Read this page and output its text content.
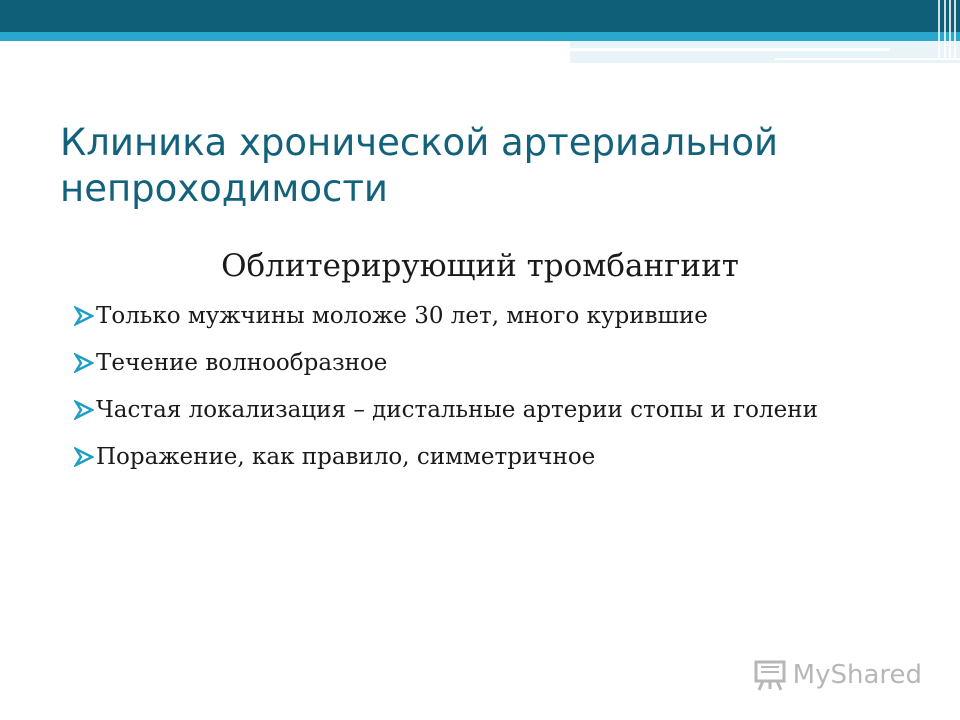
Клиника хронической артериальной непроходимости

Облитерирующий тромбангиит

Только мужчины моложе 30 лет, много курившие
Течение волнообразное
Частая локализация – дистальные артерии стопы и голени
Поражение, как правило, симметричное
MyShared
